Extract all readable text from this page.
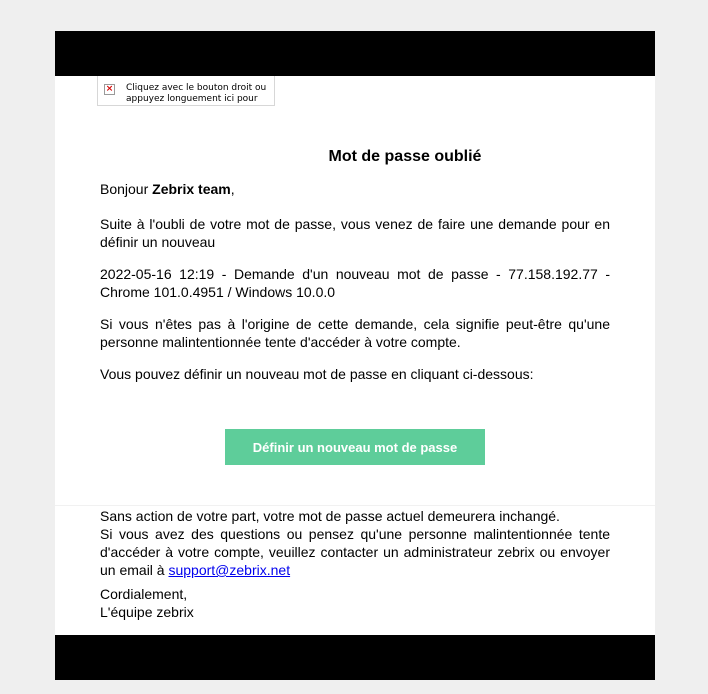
× Cliquez avec le bouton droit ou appuyez longuement ici pour
Mot de passe oublié
Bonjour Zebrix team,
Suite à l'oubli de votre mot de passe, vous venez de faire une demande pour en définir un nouveau
2022-05-16 12:19 - Demande d'un nouveau mot de passe - 77.158.192.77 - Chrome 101.0.4951 / Windows 10.0.0
Si vous n'êtes pas à l'origine de cette demande, cela signifie peut-être qu'une personne malintentionnée tente d'accéder à votre compte.
Vous pouvez définir un nouveau mot de passe en cliquant ci-dessous:
Définir un nouveau mot de passe
Sans action de votre part, votre mot de passe actuel demeurera inchangé.
Si vous avez des questions ou pensez qu'une personne malintentionnée tente d'accéder à votre compte, veuillez contacter un administrateur zebrix ou envoyer un email à support@zebrix.net
Cordialement,
L'équipe zebrix
